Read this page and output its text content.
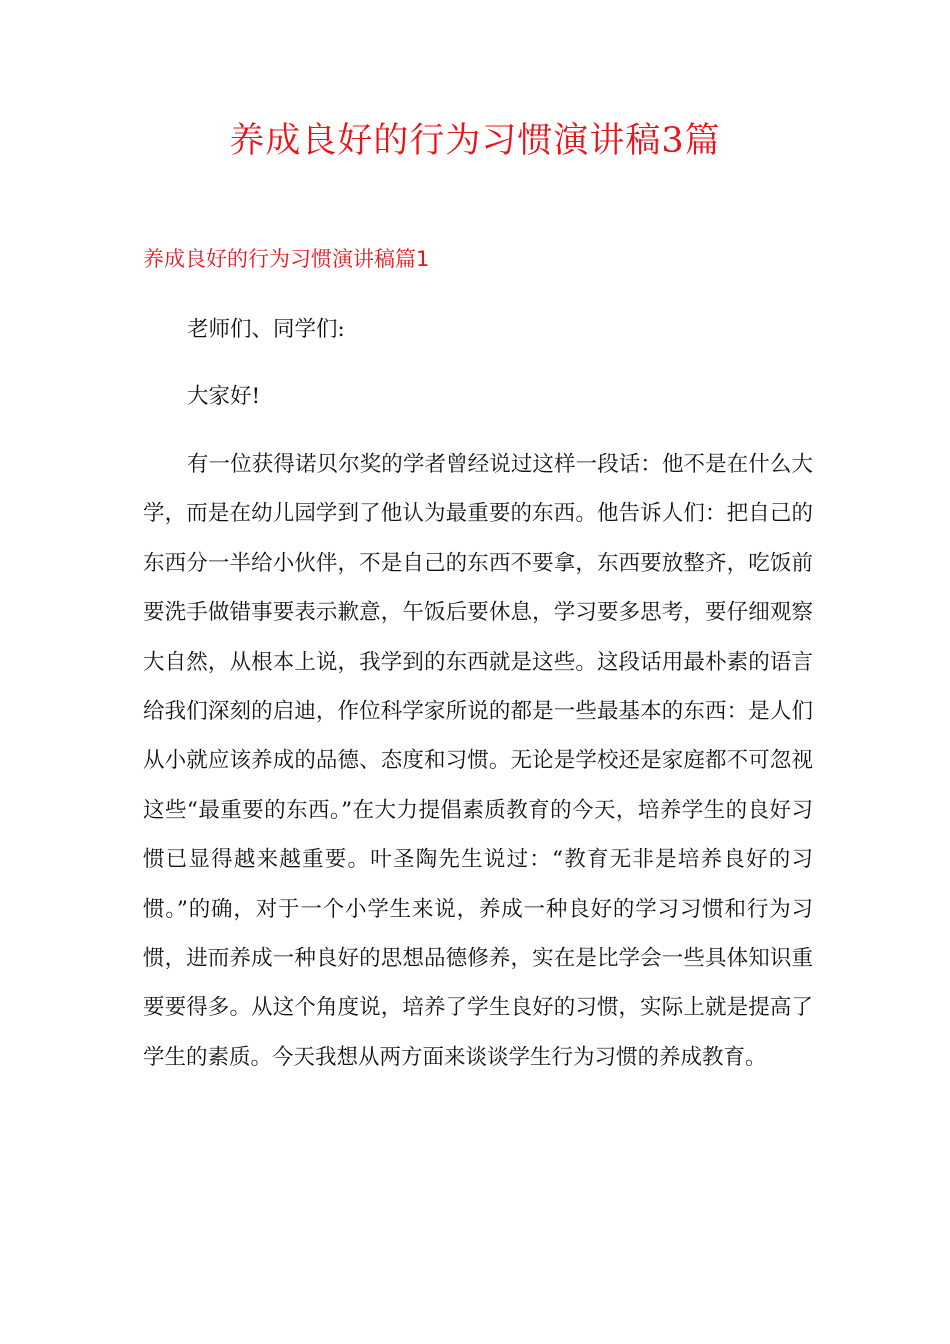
养成良好的行为习惯演讲稿3篇
养成良好的行为习惯演讲稿篇1

老师们、同学们:

大家好!

有一位获得诺贝尔奖的学者曾经说过这样一段话：他不是在什么大学，而是在幼儿园学到了他认为最重要的东西。他告诉人们：把自己的东西分一半给小伙伴，不是自己的东西不要拿，东西要放整齐，吃饭前要洗手做错事要表示歉意，午饭后要休息，学习要多思考，要仔细观察大自然，从根本上说，我学到的东西就是这些。这段话用最朴素的语言给我们深刻的启迪，作位科学家所说的都是一些最基本的东西：是人们从小就应该养成的品德、态度和习惯。无论是学校还是家庭都不可忽视这些“最重要的东西。”在大力提倡素质教育的今天，培养学生的良好习惯已显得越来越重要。叶圣陶先生说过：“教育无非是培养良好的习惯。”的确，对于一个小学生来说，养成一种良好的学习习惯和行为习惯，进而养成一种良好的思想品德修养，实在是比学会一些具体知识重要要得多。从这个角度说，培养了学生良好的习惯，实际上就是提高了学生的素质。今天我想从两方面来谈谈学生行为习惯的养成教育。
